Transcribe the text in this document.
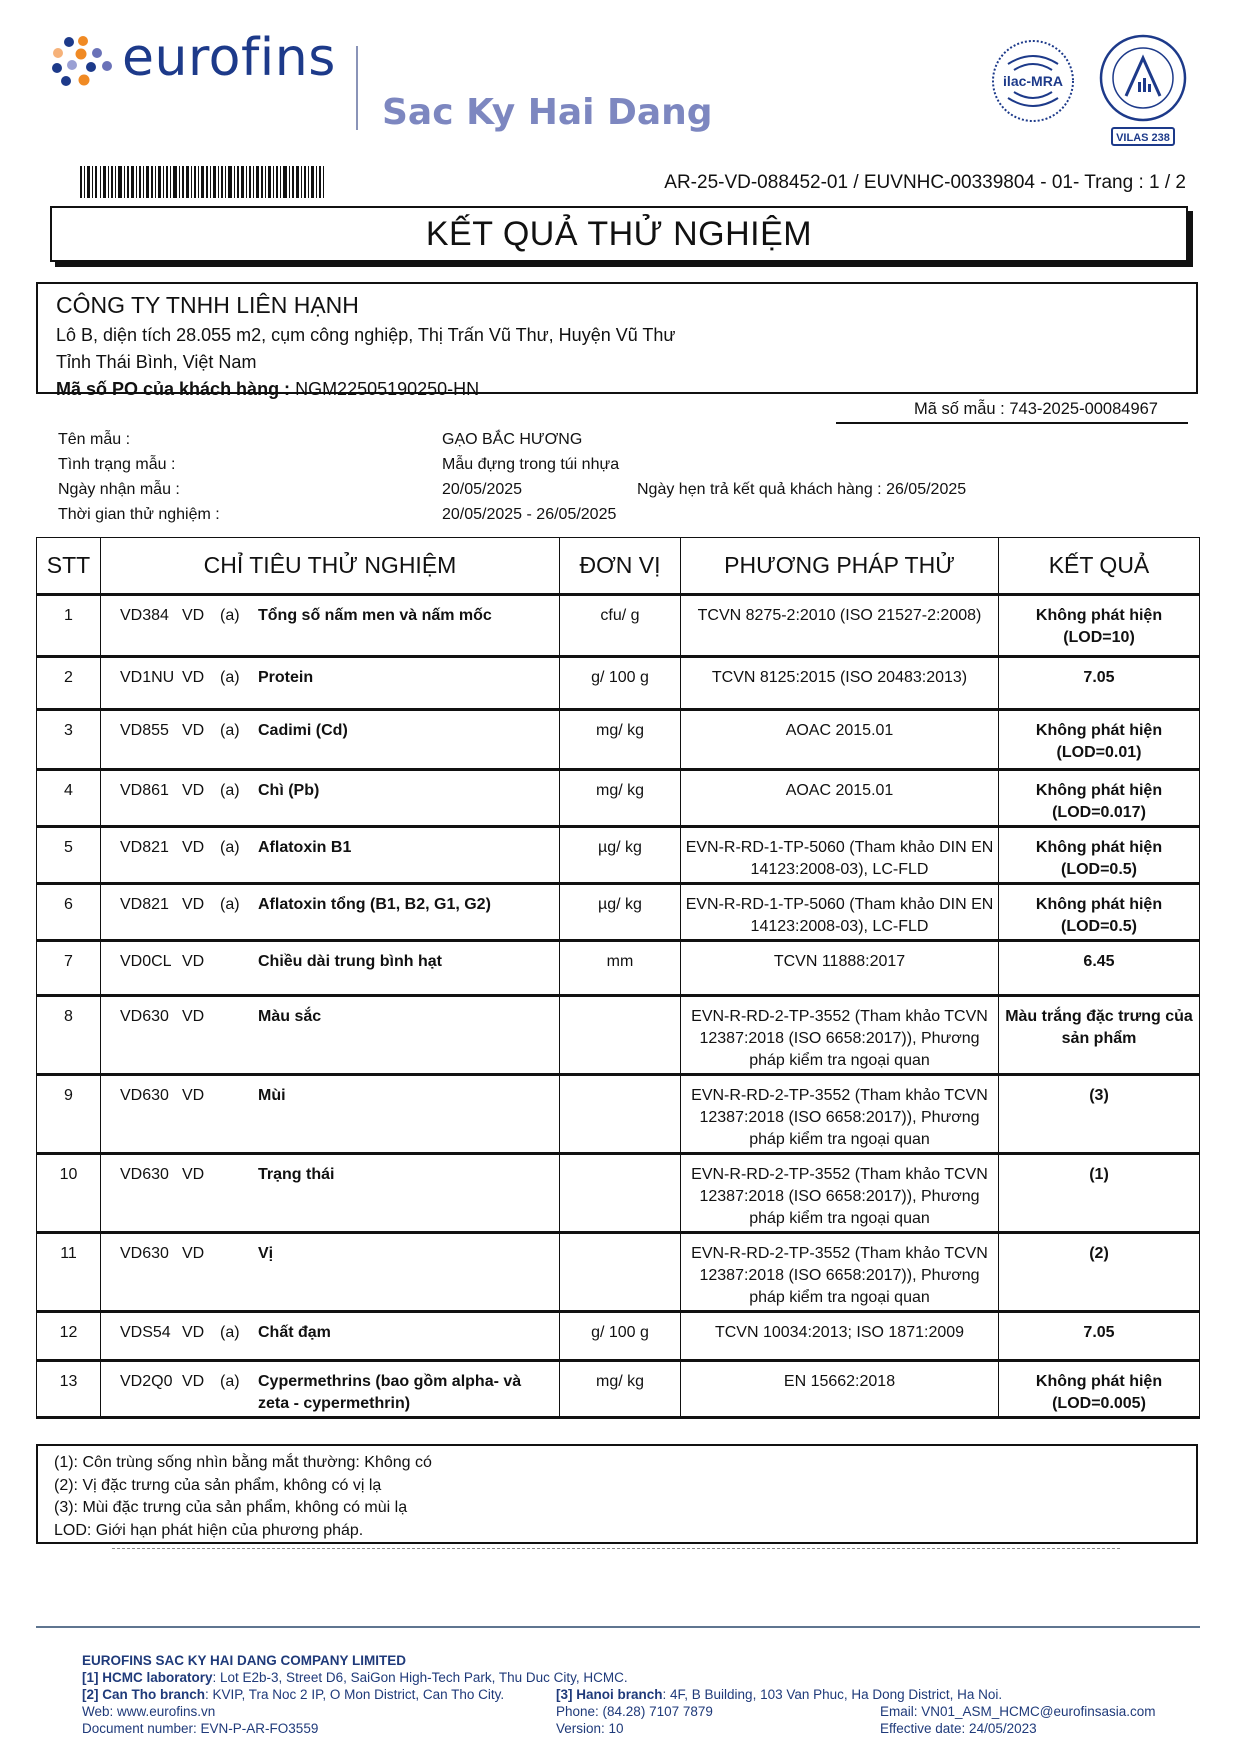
eurofins
Sac Ky Hai Dang
ilac-MRA
VILAS 238
AR-25-VD-088452-01 / EUVNHC-00339804 - 01- Trang : 1 / 2
KẾT QUẢ THỬ NGHIỆM
CÔNG TY TNHH LIÊN HẠNH
Lô B, diện tích 28.055 m2, cụm công nghiệp, Thị Trấn Vũ Thư, Huyện Vũ Thư
Tỉnh Thái Bình, Việt Nam
Mã số PO của khách hàng : NGM22505190250-HN
Mã số mẫu : 743-2025-00084967
Tên mẫu :	GẠO BẮC HƯƠNG
Tình trạng mẫu :	Mẫu đựng trong túi nhựa
Ngày nhận mẫu :	20/05/2025	Ngày hẹn trả kết quả khách hàng : 26/05/2025
Thời gian thử nghiệm :	20/05/2025 - 26/05/2025
STT	CHỈ TIÊU THỬ NGHIỆM	ĐƠN VỊ	PHƯƠNG PHÁP THỬ	KẾT QUẢ
1	VD384 VD (a) Tổng số nấm men và nấm mốc	cfu/ g	TCVN 8275-2:2010 (ISO 21527-2:2008)	Không phát hiện (LOD=10)
2	VD1NU VD (a) Protein	g/ 100 g	TCVN 8125:2015 (ISO 20483:2013)	7.05
3	VD855 VD (a) Cadimi (Cd)	mg/ kg	AOAC 2015.01	Không phát hiện (LOD=0.01)
4	VD861 VD (a) Chì (Pb)	mg/ kg	AOAC 2015.01	Không phát hiện (LOD=0.017)
5	VD821 VD (a) Aflatoxin B1	µg/ kg	EVN-R-RD-1-TP-5060 (Tham khảo DIN EN 14123:2008-03), LC-FLD	Không phát hiện (LOD=0.5)
6	VD821 VD (a) Aflatoxin tổng (B1, B2, G1, G2)	µg/ kg	EVN-R-RD-1-TP-5060 (Tham khảo DIN EN 14123:2008-03), LC-FLD	Không phát hiện (LOD=0.5)
7	VD0CL VD Chiều dài trung bình hạt	mm	TCVN 11888:2017	6.45
8	VD630 VD Màu sắc		EVN-R-RD-2-TP-3552 (Tham khảo TCVN 12387:2018 (ISO 6658:2017)), Phương pháp kiểm tra ngoại quan	Màu trắng đặc trưng của sản phẩm
9	VD630 VD Mùi		EVN-R-RD-2-TP-3552 (Tham khảo TCVN 12387:2018 (ISO 6658:2017)), Phương pháp kiểm tra ngoại quan	(3)
10	VD630 VD Trạng thái		EVN-R-RD-2-TP-3552 (Tham khảo TCVN 12387:2018 (ISO 6658:2017)), Phương pháp kiểm tra ngoại quan	(1)
11	VD630 VD Vị		EVN-R-RD-2-TP-3552 (Tham khảo TCVN 12387:2018 (ISO 6658:2017)), Phương pháp kiểm tra ngoại quan	(2)
12	VDS54 VD (a) Chất đạm	g/ 100 g	TCVN 10034:2013; ISO 1871:2009	7.05
13	VD2Q0 VD (a) Cypermethrins (bao gồm alpha- và zeta - cypermethrin)	mg/ kg	EN 15662:2018	Không phát hiện (LOD=0.005)
(1): Côn trùng sống nhìn bằng mắt thường: Không có
(2): Vị đặc trưng của sản phẩm, không có vị lạ
(3): Mùi đặc trưng của sản phẩm, không có mùi lạ
LOD: Giới hạn phát hiện của phương pháp.
EUROFINS SAC KY HAI DANG COMPANY LIMITED
[1] HCMC laboratory: Lot E2b-3, Street D6, SaiGon High-Tech Park, Thu Duc City, HCMC.
[2] Can Tho branch: KVIP, Tra Noc 2 IP, O Mon District, Can Tho City.	[3] Hanoi branch: 4F, B Building, 103 Van Phuc, Ha Dong District, Ha Noi.
Web: www.eurofins.vn	Phone: (84.28) 7107 7879	Email: VN01_ASM_HCMC@eurofinsasia.com
Document number: EVN-P-AR-FO3559	Version: 10	Effective date: 24/05/2023
